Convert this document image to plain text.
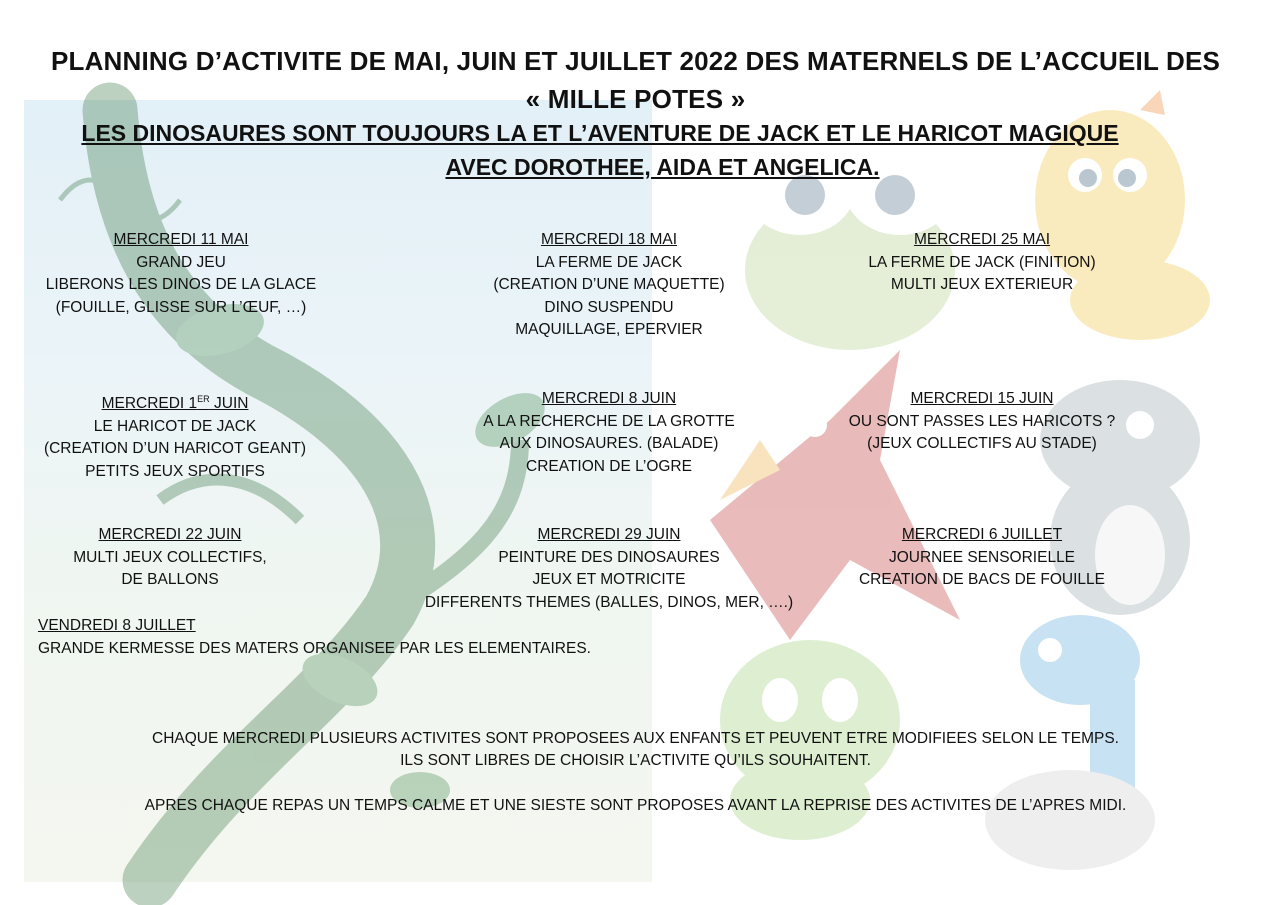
PLANNING D’ACTIVITE DE MAI, JUIN ET JUILLET 2022 DES MATERNELS DE L’ACCUEIL DES
« MILLE POTES »
LES DINOSAURES SONT TOUJOURS LA ET L’AVENTURE DE JACK ET LE HARICOT MAGIQUE
AVEC DOROTHEE, AIDA ET ANGELICA.
MERCREDI 11 MAI
GRAND JEU
LIBERONS LES DINOS DE LA GLACE
(FOUILLE, GLISSE SUR L’ŒUF, …)
MERCREDI 18 MAI
LA FERME DE JACK
(CREATION D’UNE MAQUETTE)
DINO SUSPENDU
MAQUILLAGE, EPERVIER
MERCREDI 25 MAI
LA FERME DE JACK (FINITION)
MULTI JEUX EXTERIEUR
MERCREDI 1ER JUIN
LE HARICOT DE JACK
(CREATION D’UN HARICOT GEANT)
PETITS JEUX SPORTIFS
MERCREDI 8 JUIN
A LA RECHERCHE DE LA GROTTE
AUX DINOSAURES. (BALADE)
CREATION DE L’OGRE
MERCREDI 15 JUIN
OU SONT PASSES LES HARICOTS ?
(JEUX COLLECTIFS AU STADE)
MERCREDI 22 JUIN
MULTI JEUX COLLECTIFS,
DE BALLONS
MERCREDI 29 JUIN
PEINTURE DES DINOSAURES
JEUX ET MOTRICITE
DIFFERENTS THEMES (BALLES, DINOS, MER, ….)
MERCREDI 6 JUILLET
JOURNEE SENSORIELLE
CREATION DE BACS DE FOUILLE
VENDREDI 8 JUILLET
GRANDE KERMESSE DES MATERS ORGANISEE PAR LES ELEMENTAIRES.
CHAQUE MERCREDI PLUSIEURS ACTIVITES SONT PROPOSEES AUX ENFANTS ET PEUVENT ETRE MODIFIEES SELON LE TEMPS.
ILS SONT LIBRES DE CHOISIR L’ACTIVITE QU’ILS SOUHAITENT.
APRES CHAQUE REPAS UN TEMPS CALME ET UNE SIESTE SONT PROPOSES AVANT LA REPRISE DES ACTIVITES DE L’APRES MIDI.
